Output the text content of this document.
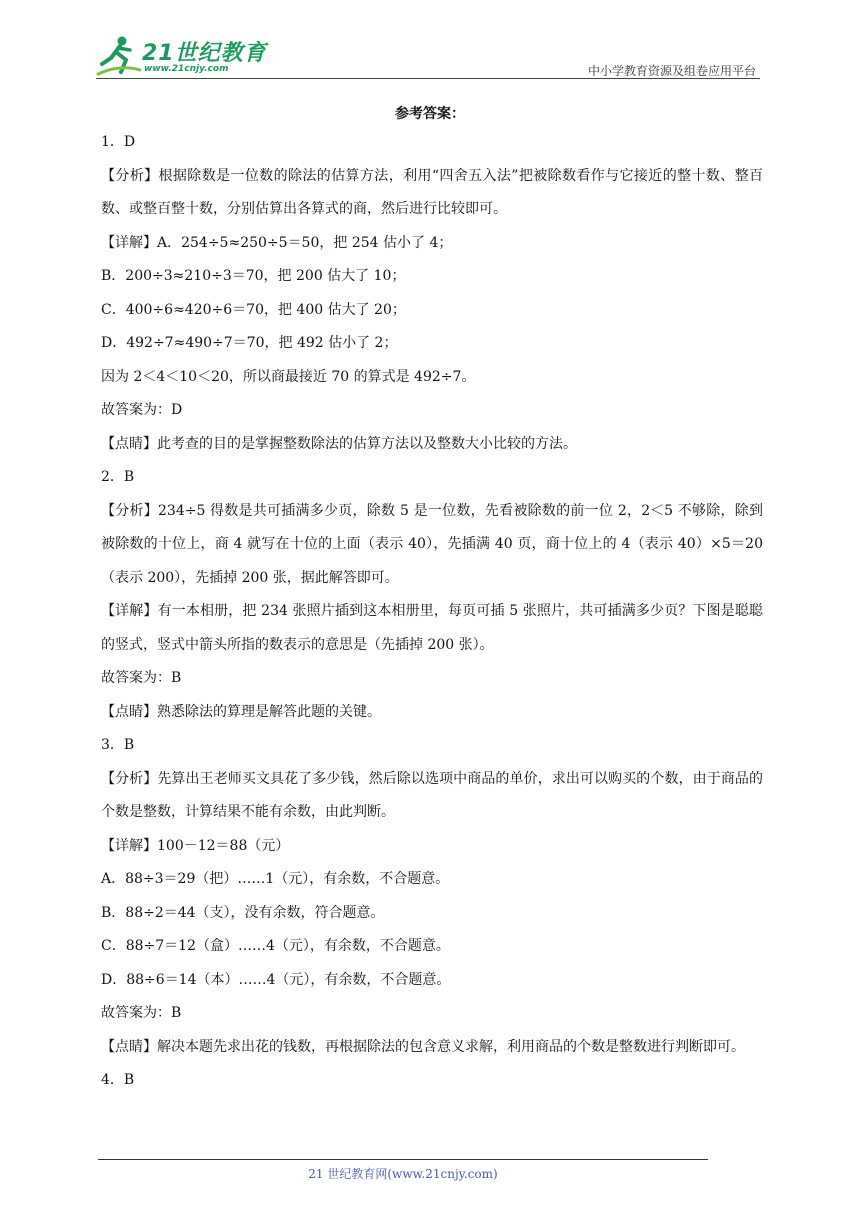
21世纪教育
www.21cnjy.com	中小学教育资源及组卷应用平台
参考答案：

1．D

【分析】根据除数是一位数的除法的估算方法，利用“四舍五入法”把被除数看作与它接近的整十数、整百数、或整百整十数，分别估算出各算式的商，然后进行比较即可。

【详解】A．254÷5≈250÷5＝50，把 254 估小了 4；

B．200÷3≈210÷3＝70，把 200 估大了 10；

C．400÷6≈420÷6＝70，把 400 估大了 20；

D．492÷7≈490÷7＝70，把 492 估小了 2；

因为 2＜4＜10＜20，所以商最接近 70 的算式是 492÷7。

故答案为：D

【点睛】此考查的目的是掌握整数除法的估算方法以及整数大小比较的方法。

2．B

【分析】234÷5 得数是共可插满多少页，除数 5 是一位数，先看被除数的前一位 2，2＜5 不够除，除到被除数的十位上，商 4 就写在十位的上面（表示 40），先插满 40 页，商十位上的 4（表示 40）×5＝20（表示 200），先插掉 200 张，据此解答即可。

【详解】有一本相册，把 234 张照片插到这本相册里，每页可插 5 张照片，共可插满多少页？下图是聪聪的竖式，竖式中箭头所指的数表示的意思是（先插掉 200 张）。

故答案为：B

【点睛】熟悉除法的算理是解答此题的关键。

3．B

【分析】先算出王老师买文具花了多少钱，然后除以选项中商品的单价，求出可以购买的个数，由于商品的个数是整数，计算结果不能有余数，由此判断。

【详解】100－12＝88（元）

A．88÷3＝29（把）……1（元），有余数，不合题意。

B．88÷2＝44（支），没有余数，符合题意。

C．88÷7＝12（盒）……4（元），有余数，不合题意。

D．88÷6＝14（本）……4（元），有余数，不合题意。

故答案为：B

【点睛】解决本题先求出花的钱数，再根据除法的包含意义求解，利用商品的个数是整数进行判断即可。

4．B

21 世纪教育网(www.21cnjy.com)
